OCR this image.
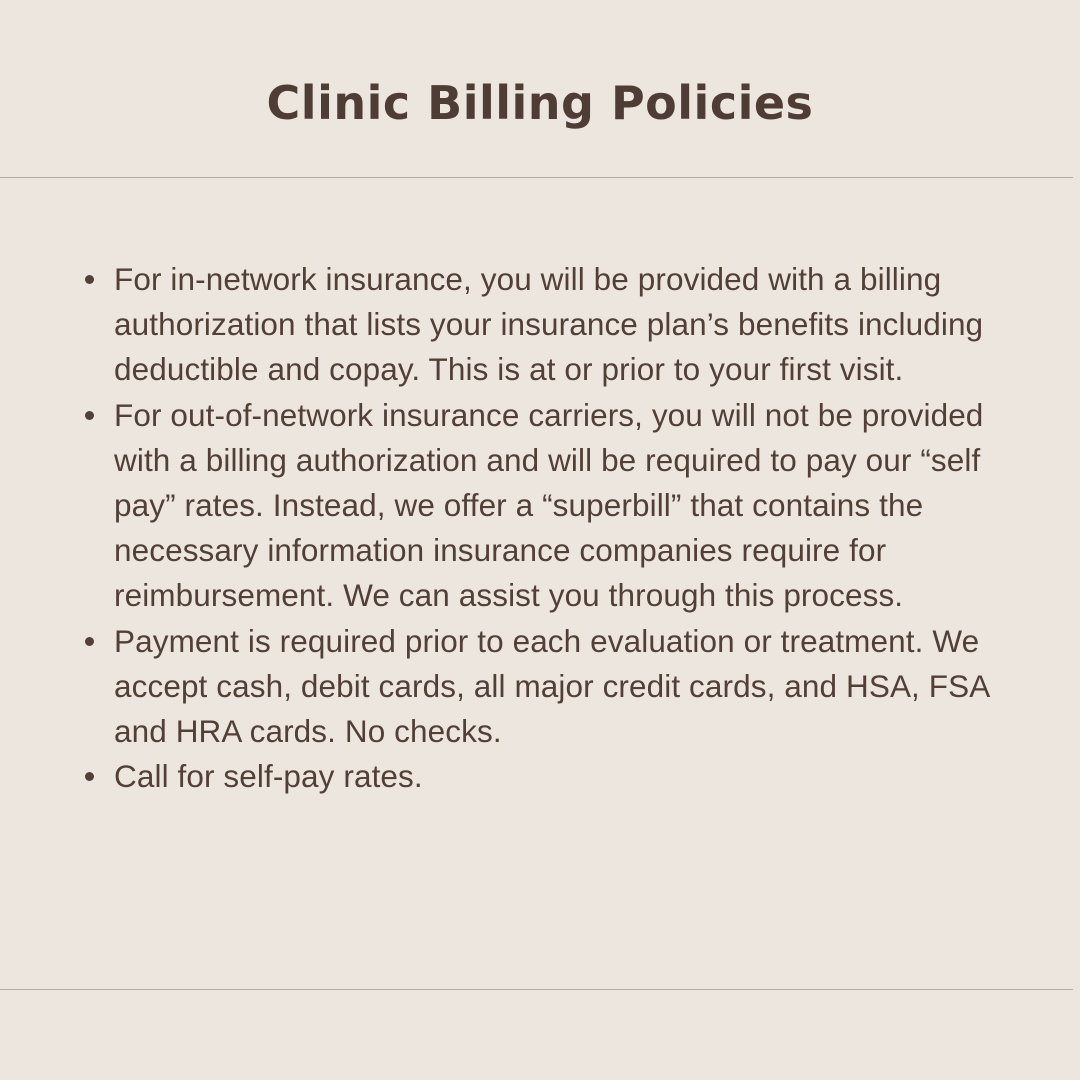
Clinic Billing Policies
For in-network insurance, you will be provided with a billing authorization that lists your insurance plan’s benefits including deductible and copay. This is at or prior to your first visit.
For out-of-network insurance carriers, you will not be provided with a billing authorization and will be required to pay our “self pay” rates. Instead, we offer a “superbill” that contains the necessary information insurance companies require for reimbursement. We can assist you through this process.
Payment is required prior to each evaluation or treatment. We accept cash, debit cards, all major credit cards, and HSA, FSA and HRA cards. No checks.
Call for self-pay rates.
